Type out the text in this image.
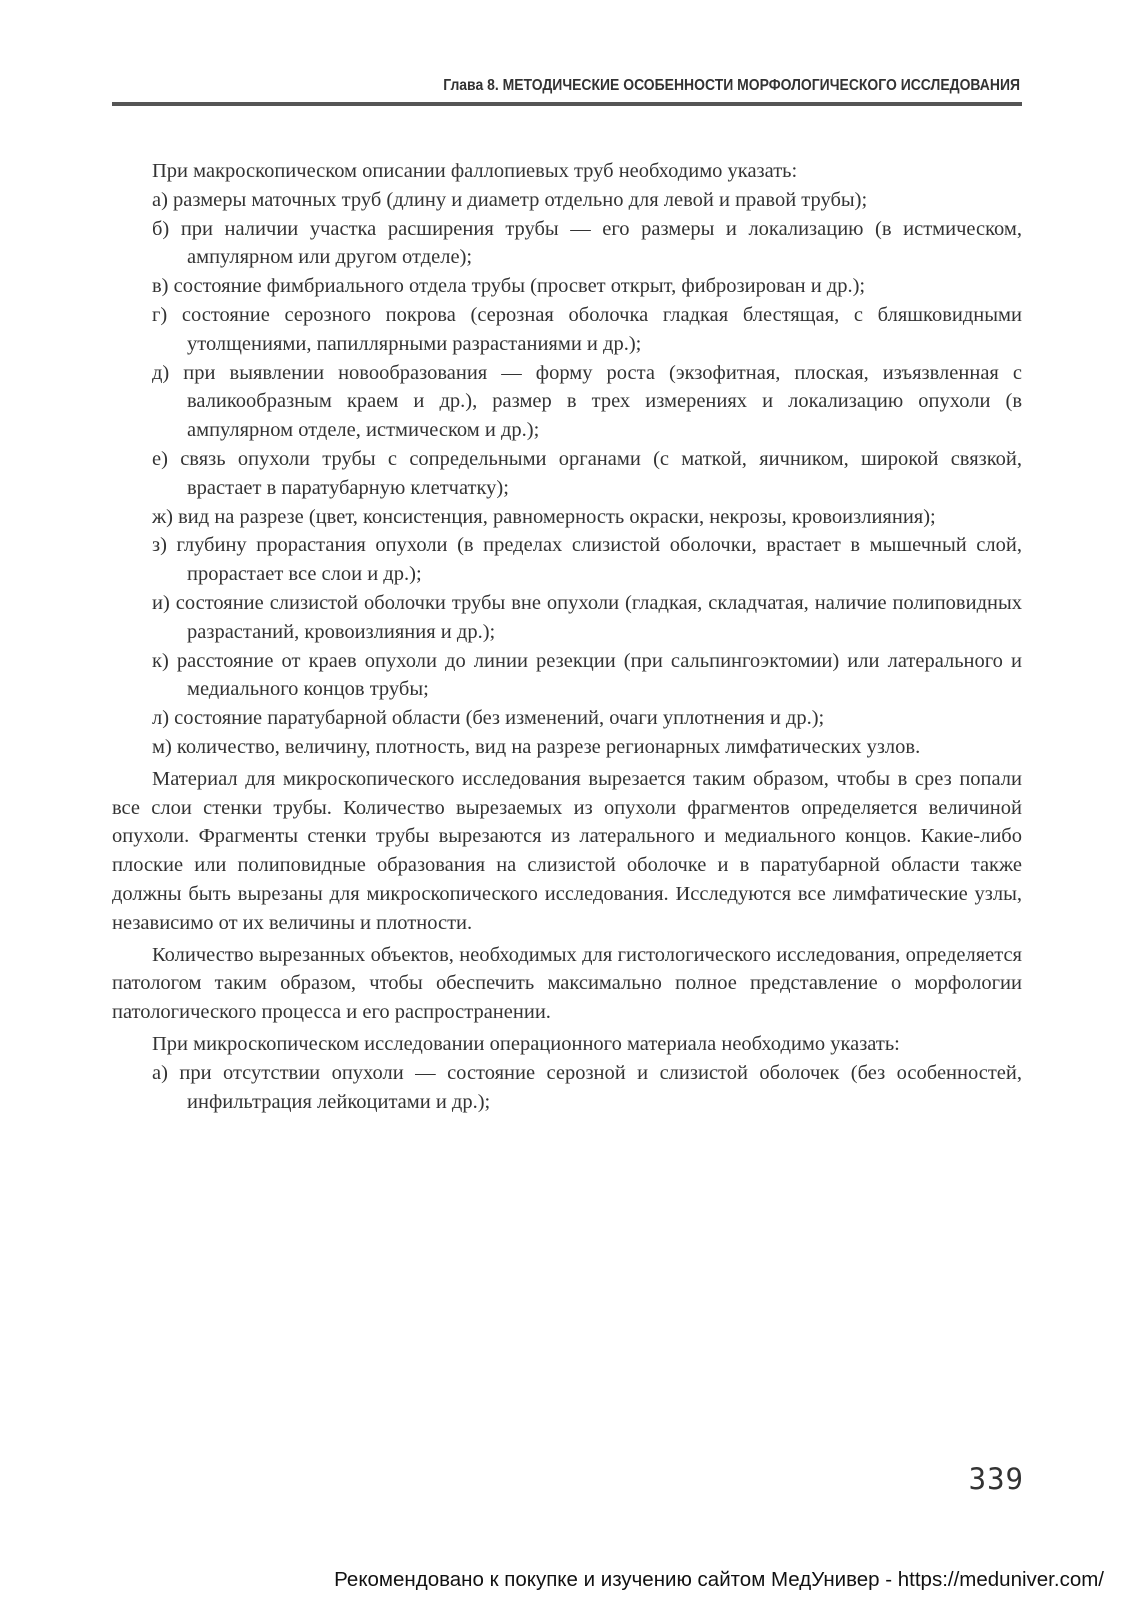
Глава 8. МЕТОДИЧЕСКИЕ ОСОБЕННОСТИ МОРФОЛОГИЧЕСКОГО ИССЛЕДОВАНИЯ

При макроскопическом описании фаллопиевых труб необходимо указать:

а) размеры маточных труб (длину и диаметр отдельно для левой и правой трубы);
б) при наличии участка расширения трубы — его размеры и локализацию (в истмическом, ампулярном или другом отделе);
в) состояние фимбриального отдела трубы (просвет открыт, фиброзирован и др.);
г) состояние серозного покрова (серозная оболочка гладкая блестящая, с бляшковидными утолщениями, папиллярными разрастаниями и др.);
д) при выявлении новообразования — форму роста (экзофитная, плоская, изъязвленная с валикообразным краем и др.), размер в трех измерениях и локализацию опухоли (в ампулярном отделе, истмическом и др.);
е) связь опухоли трубы с сопредельными органами (с маткой, яичником, широкой связкой, врастает в паратубарную клетчатку);
ж) вид на разрезе (цвет, консистенция, равномерность окраски, некрозы, кровоизлияния);
з) глубину прорастания опухоли (в пределах слизистой оболочки, врастает в мышечный слой, прорастает все слои и др.);
и) состояние слизистой оболочки трубы вне опухоли (гладкая, складчатая, наличие полиповидных разрастаний, кровоизлияния и др.);
к) расстояние от краев опухоли до линии резекции (при сальпингоэктомии) или латерального и медиального концов трубы;
л) состояние паратубарной области (без изменений, очаги уплотнения и др.);
м) количество, величину, плотность, вид на разрезе регионарных лимфатических узлов.

Материал для микроскопического исследования вырезается таким образом, чтобы в срез попали все слои стенки трубы. Количество вырезаемых из опухоли фрагментов определяется величиной опухоли. Фрагменты стенки трубы вырезаются из латерального и медиального концов. Какие-либо плоские или полиповидные образования на слизистой оболочке и в паратубарной области также должны быть вырезаны для микроскопического исследования. Исследуются все лимфатические узлы, независимо от их величины и плотности.

Количество вырезанных объектов, необходимых для гистологического исследования, определяется патологом таким образом, чтобы обеспечить максимально полное представление о морфологии патологического процесса и его распространении.

При микроскопическом исследовании операционного материала необходимо указать:

а) при отсутствии опухоли — состояние серозной и слизистой оболочек (без особенностей, инфильтрация лейкоцитами и др.);
339
Рекомендовано к покупке и изучению сайтом МедУнивер - https://meduniver.com/
